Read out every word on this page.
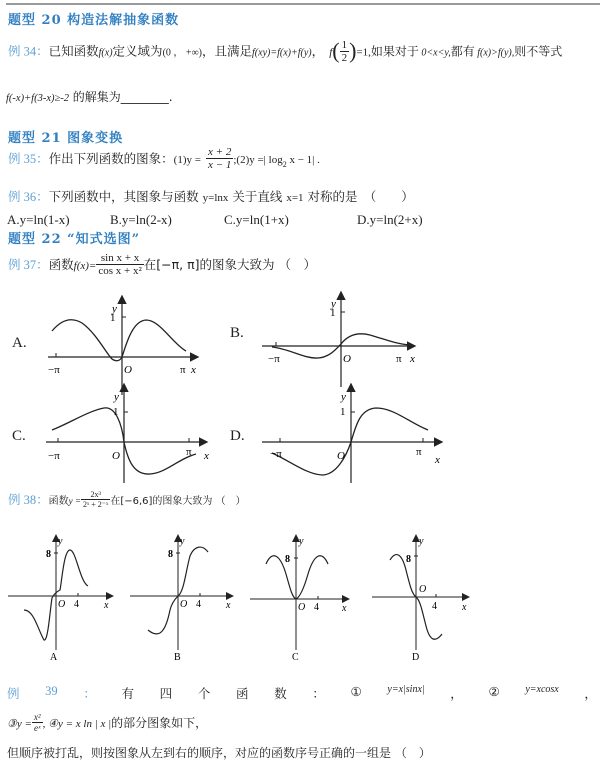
题型 20 构造法解抽象函数
例 34：已知函数f(x)定义域为(0 ， +∞)，且满足f(xy)=f(x)+f(y)， $f( \frac{1}{2} )=1$,如果对于 0<x<y,都有 f(x)>f(y),则不等式
f(-x)+f(3-x)≥-2 的解集为________.
题型 21 图象变换
例 35：作出下列函数的图象：$(1)y = \frac{x + 2}{x - 1}$ ;(2)y =| $\log_2 x - 1|$ .
例 36：下列函数中，其图象与函数 y=lnx 关于直线 x=1 对称的是　（　　）
A.y=ln(1-x)	B.y=ln(2-x)	C.y=ln(1+x)	D.y=ln(2+x)
题型 22 “知式选图”
例 37：函数$f(x)= \frac{\text{sin x + x}}{\text{cos x + x²}}$ 在[−π, π]的图象大致为 （　）
A.
y
1
−π	O	π x
B.
y
1
−π	O	π x
C.
y
1
−π	O	π x
D.
y
1
−π	O	π
x
例 38：函数$y = \frac{\text{2x³}}{\text{2ˣ + 2⁻ˣ}}$ 在[−6,6]的图象大致为 （　）
y
8
O 4	x
A
y
8
O 4	x
B
y
8
O 4 x
C
y
8
O
4	x
D
例 39 ： 有 四 个 函 数 ： ①	y=x|sinx| ， ②	y=xcosx ，
③y = $\frac{\text{x²}}{\text{eˣ}}$ , ④y = x ln | x |的部分图象如下，
但顺序被打乱，则按图象从左到右的顺序，对应的函数序号正确的一组是 （　）
